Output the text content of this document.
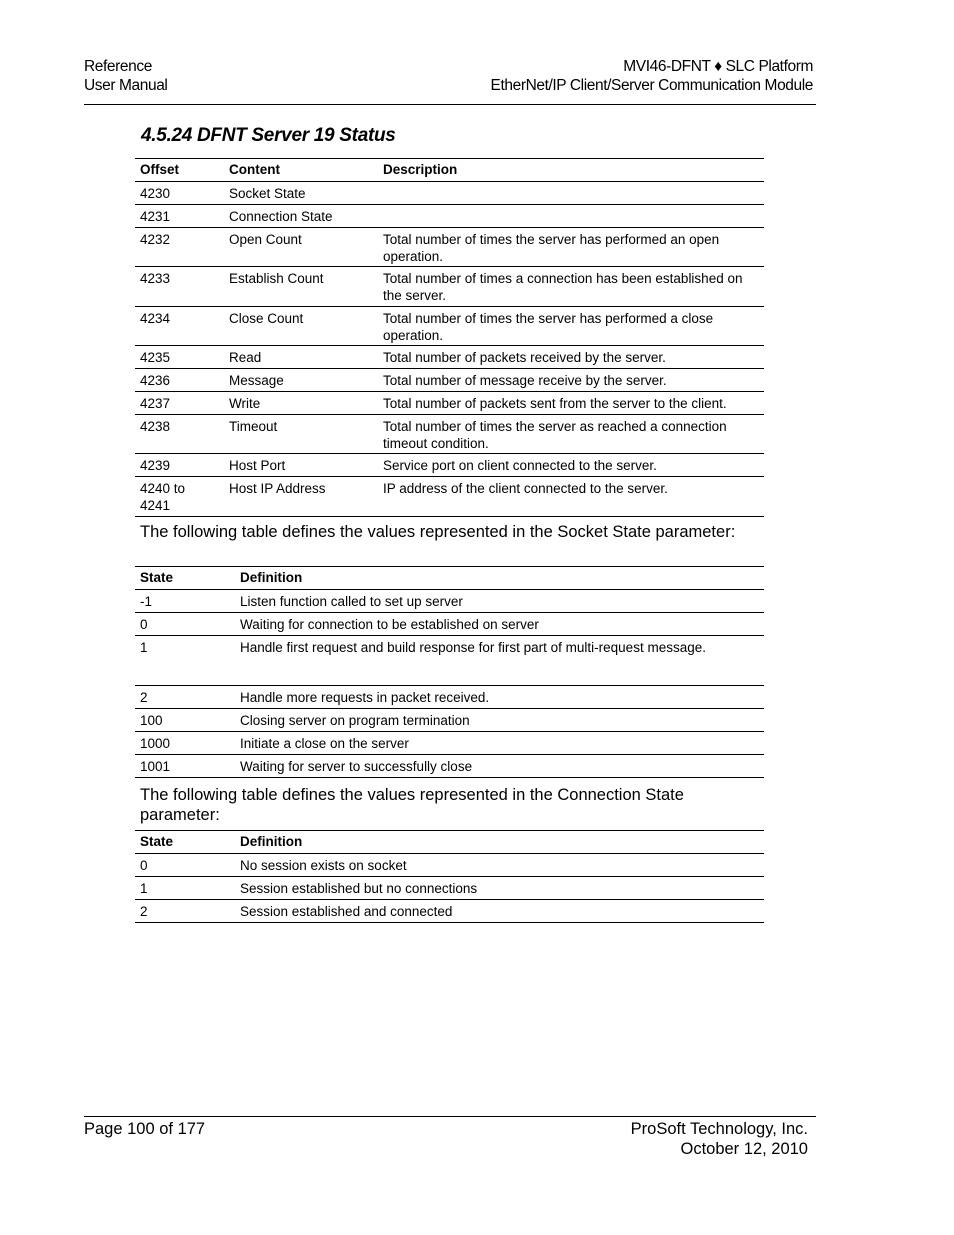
Reference
User Manual
MVI46-DFNT ♦ SLC Platform
EtherNet/IP Client/Server Communication Module
4.5.24 DFNT Server 19 Status
Offset	Content	Description
4230	Socket State	
4231	Connection State	
4232	Open Count	Total number of times the server has performed an open operation.
4233	Establish Count	Total number of times a connection has been established on the server.
4234	Close Count	Total number of times the server has performed a close operation.
4235	Read	Total number of packets received by the server.
4236	Message	Total number of message receive by the server.
4237	Write	Total number of packets sent from the server to the client.
4238	Timeout	Total number of times the server as reached a connection timeout condition.
4239	Host Port	Service port on client connected to the server.
4240 to 4241	Host IP Address	IP address of the client connected to the server.
The following table defines the values represented in the Socket State parameter:
State	Definition
-1	Listen function called to set up server
0	Waiting for connection to be established on server
1	Handle first request and build response for first part of multi-request message.
2	Handle more requests in packet received.
100	Closing server on program termination
1000	Initiate a close on the server
1001	Waiting for server to successfully close
The following table defines the values represented in the Connection State parameter:
State	Definition
0	No session exists on socket
1	Session established but no connections
2	Session established and connected
Page 100 of 177	ProSoft Technology, Inc.
October 12, 2010
